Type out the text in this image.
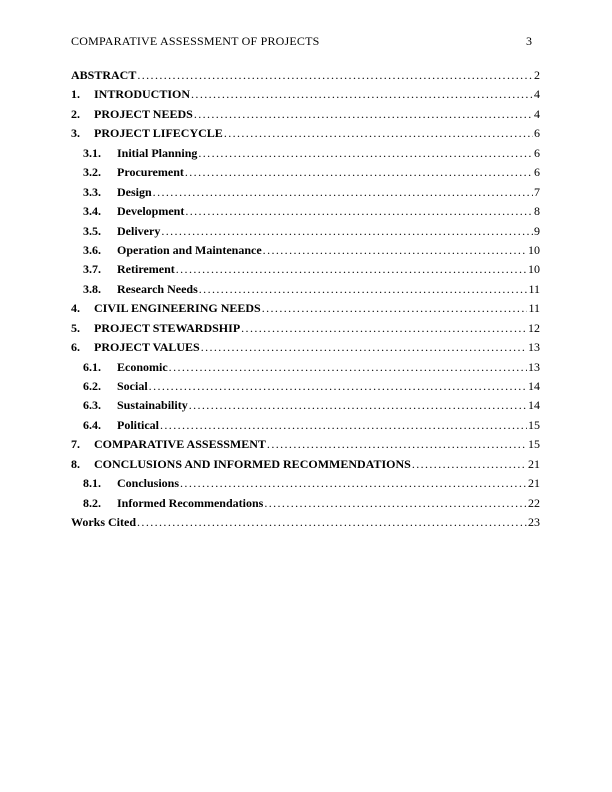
COMPARATIVE ASSESSMENT OF PROJECTS	3
ABSTRACT .....	2
1.	INTRODUCTION .....	4
2.	PROJECT NEEDS .....	4
3.	PROJECT LIFECYCLE .....	6
3.1.	Initial Planning .....	6
3.2.	Procurement .....	6
3.3.	Design .....	7
3.4.	Development .....	8
3.5.	Delivery .....	9
3.6.	Operation and Maintenance .....	10
3.7.	Retirement .....	10
3.8.	Research Needs .....	11
4.	CIVIL ENGINEERING NEEDS .....	11
5.	PROJECT STEWARDSHIP .....	12
6.	PROJECT VALUES .....	13
6.1.	Economic .....	13
6.2.	Social .....	14
6.3.	Sustainability .....	14
6.4.	Political .....	15
7.	COMPARATIVE ASSESSMENT .....	15
8.	CONCLUSIONS AND INFORMED RECOMMENDATIONS .....	21
8.1.	Conclusions .....	21
8.2.	Informed Recommendations .....	22
Works Cited .....	23
